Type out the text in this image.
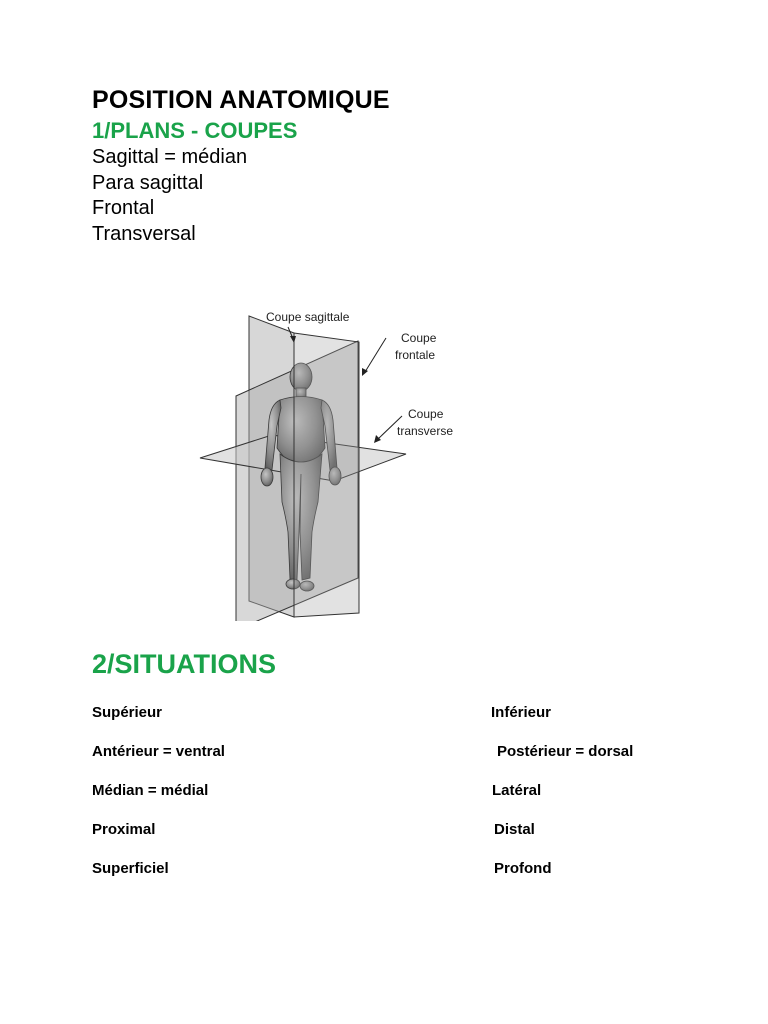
POSITION ANATOMIQUE
1/PLANS - COUPES
Sagittal = médian
Para sagittal
Frontal
Transversal
Coupe sagittale
Coupe
frontale
Coupe
transverse
2/SITUATIONS
Supérieur	Inférieur
Antérieur = ventral	Postérieur = dorsal
Médian = médial	Latéral
Proximal	Distal
Superficiel	Profond
